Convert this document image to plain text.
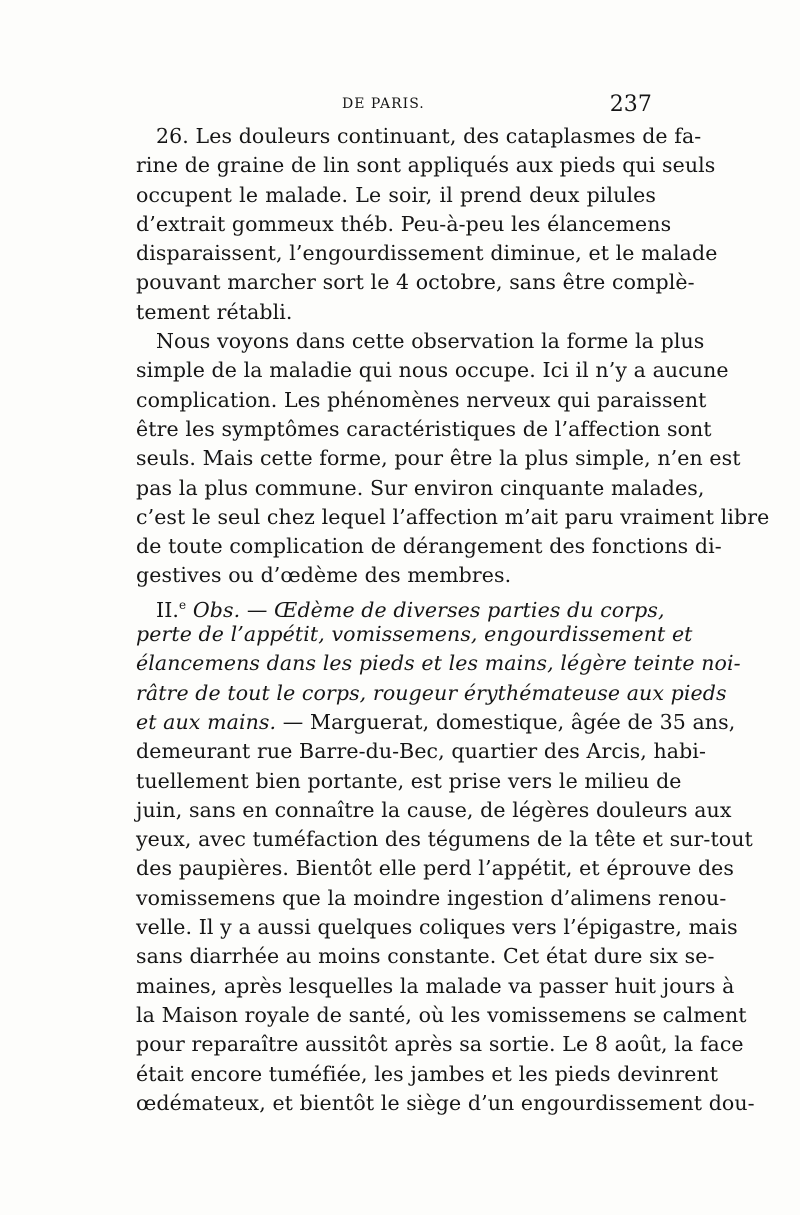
DE PARIS.	237
26. Les douleurs continuant, des cataplasmes de fa-
rine de graine de lin sont appliqués aux pieds qui seuls
occupent le malade. Le soir, il prend deux pilules
d’extrait gommeux théb. Peu-à-peu les élancemens
disparaissent, l’engourdissement diminue, et le malade
pouvant marcher sort le 4 octobre, sans être complè-
tement rétabli.
Nous voyons dans cette observation la forme la plus
simple de la maladie qui nous occupe. Ici il n’y a aucune
complication. Les phénomènes nerveux qui paraissent
être les symptômes caractéristiques de l’affection sont
seuls. Mais cette forme, pour être la plus simple, n’en est
pas la plus commune. Sur environ cinquante malades,
c’est le seul chez lequel l’affection m’ait paru vraiment libre
de toute complication de dérangement des fonctions di-
gestives ou d’œdème des membres.
II.$^e$ Obs. — Œdème de diverses parties du corps,
perte de l’appétit, vomissemens, engourdissement et
élancemens dans les pieds et les mains, légère teinte noi-
râtre de tout le corps, rougeur érythémateuse aux pieds
et aux mains. — Marguerat, domestique, âgée de 35 ans,
demeurant rue Barre-du-Bec, quartier des Arcis, habi-
tuellement bien portante, est prise vers le milieu de
juin, sans en connaître la cause, de légères douleurs aux
yeux, avec tuméfaction des tégumens de la tête et sur-tout
des paupières. Bientôt elle perd l’appétit, et éprouve des
vomissemens que la moindre ingestion d’alimens renou-
velle. Il y a aussi quelques coliques vers l’épigastre, mais
sans diarrhée au moins constante. Cet état dure six se-
maines, après lesquelles la malade va passer huit jours à
la Maison royale de santé, où les vomissemens se calment
pour reparaître aussitôt après sa sortie. Le 8 août, la face
était encore tuméfiée, les jambes et les pieds devinrent
œdémateux, et bientôt le siège d’un engourdissement dou-
